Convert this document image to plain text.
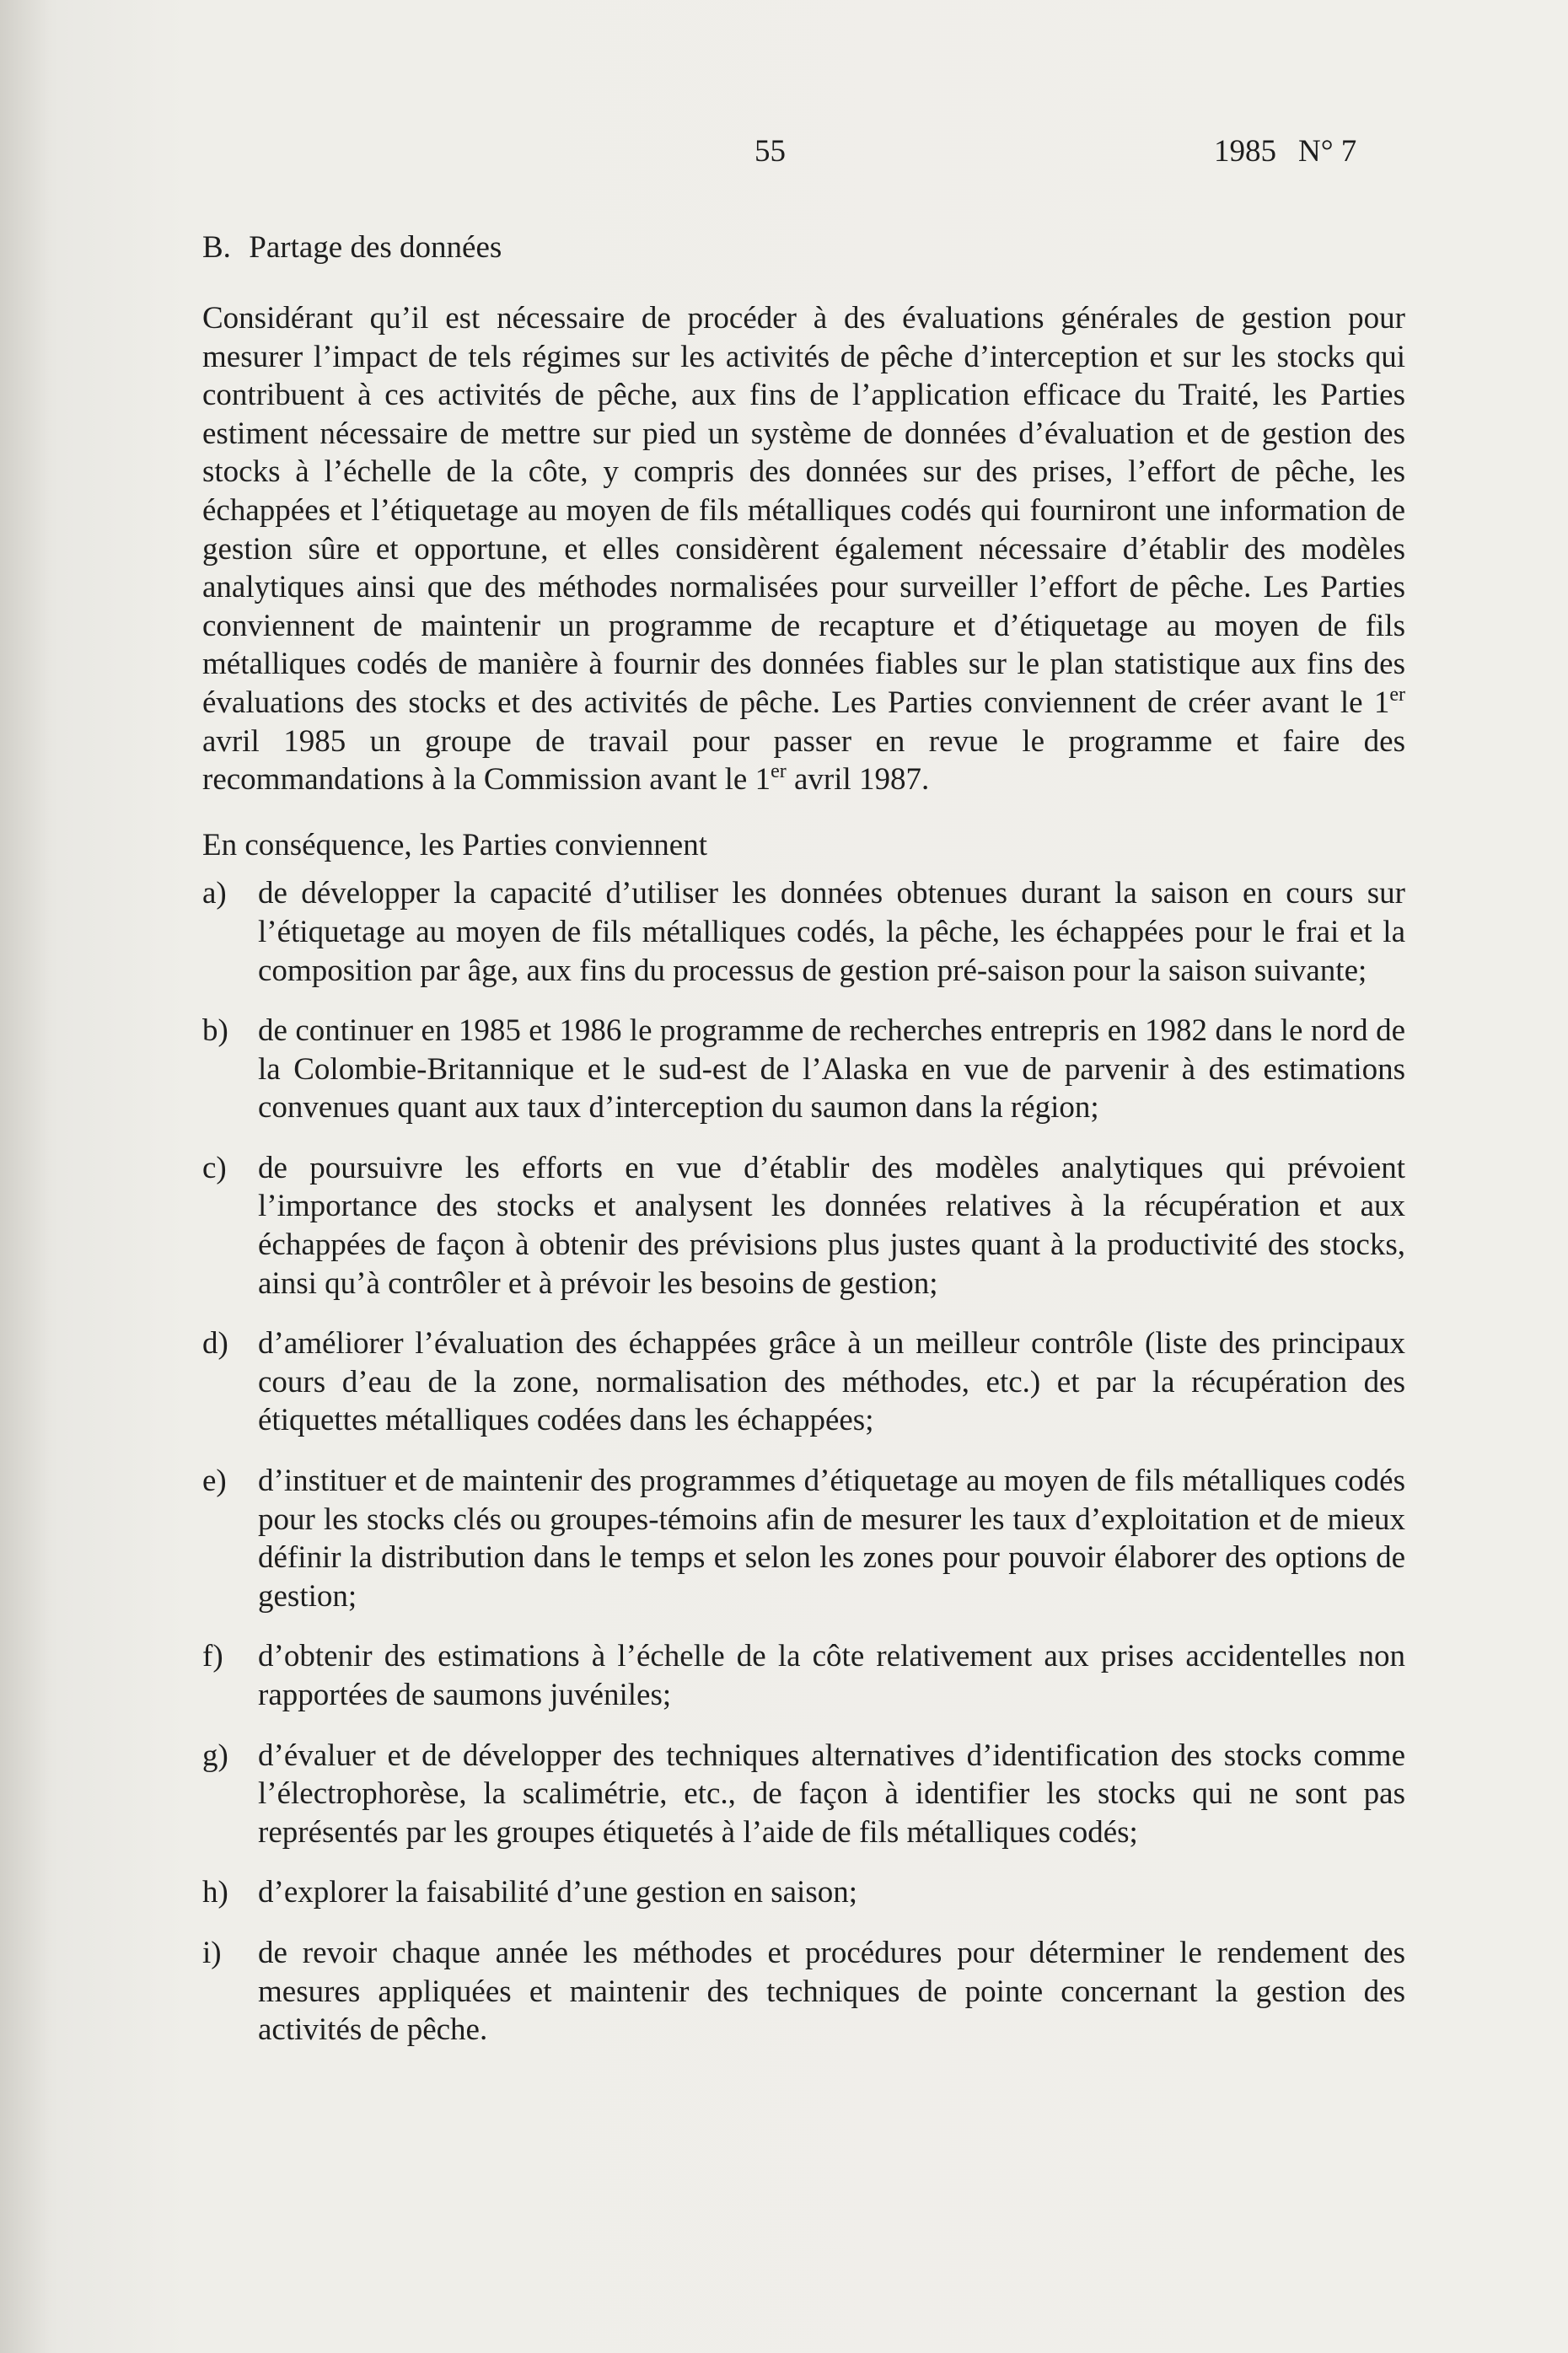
55	1985 N° 7
B. Partage des données

Considérant qu’il est nécessaire de procéder à des évaluations générales de gestion pour mesurer l’impact de tels régimes sur les activités de pêche d’interception et sur les stocks qui contribuent à ces activités de pêche, aux fins de l’application efficace du Traité, les Parties estiment nécessaire de mettre sur pied un système de données d’évaluation et de gestion des stocks à l’échelle de la côte, y compris des données sur des prises, l’effort de pêche, les échappées et l’étiquetage au moyen de fils métalliques codés qui fourniront une information de gestion sûre et opportune, et elles considèrent également nécessaire d’établir des modèles analytiques ainsi que des méthodes normalisées pour surveiller l’effort de pêche. Les Parties conviennent de maintenir un programme de recapture et d’étiquetage au moyen de fils métalliques codés de manière à fournir des données fiables sur le plan statistique aux fins des évaluations des stocks et des activités de pêche. Les Parties conviennent de créer avant le 1er avril 1985 un groupe de travail pour passer en revue le programme et faire des recommandations à la Commission avant le 1er avril 1987.

En conséquence, les Parties conviennent

a) de développer la capacité d’utiliser les données obtenues durant la saison en cours sur l’étiquetage au moyen de fils métalliques codés, la pêche, les échappées pour le frai et la composition par âge, aux fins du processus de gestion pré-saison pour la saison suivante;
b) de continuer en 1985 et 1986 le programme de recherches entrepris en 1982 dans le nord de la Colombie-Britannique et le sud-est de l’Alaska en vue de parvenir à des estimations convenues quant aux taux d’interception du saumon dans la région;
c) de poursuivre les efforts en vue d’établir des modèles analytiques qui prévoient l’importance des stocks et analysent les données relatives à la récupération et aux échappées de façon à obtenir des prévisions plus justes quant à la productivité des stocks, ainsi qu’à contrôler et à prévoir les besoins de gestion;
d) d’améliorer l’évaluation des échappées grâce à un meilleur contrôle (liste des principaux cours d’eau de la zone, normalisation des méthodes, etc.) et par la récupération des étiquettes métalliques codées dans les échappées;
e) d’instituer et de maintenir des programmes d’étiquetage au moyen de fils métalliques codés pour les stocks clés ou groupes-témoins afin de mesurer les taux d’exploitation et de mieux définir la distribution dans le temps et selon les zones pour pouvoir élaborer des options de gestion;
f) d’obtenir des estimations à l’échelle de la côte relativement aux prises accidentelles non rapportées de saumons juvéniles;
g) d’évaluer et de développer des techniques alternatives d’identification des stocks comme l’électrophorèse, la scalimétrie, etc., de façon à identifier les stocks qui ne sont pas représentés par les groupes étiquetés à l’aide de fils métalliques codés;
h) d’explorer la faisabilité d’une gestion en saison;
i) de revoir chaque année les méthodes et procédures pour déterminer le rendement des mesures appliquées et maintenir des techniques de pointe concernant la gestion des activités de pêche.
